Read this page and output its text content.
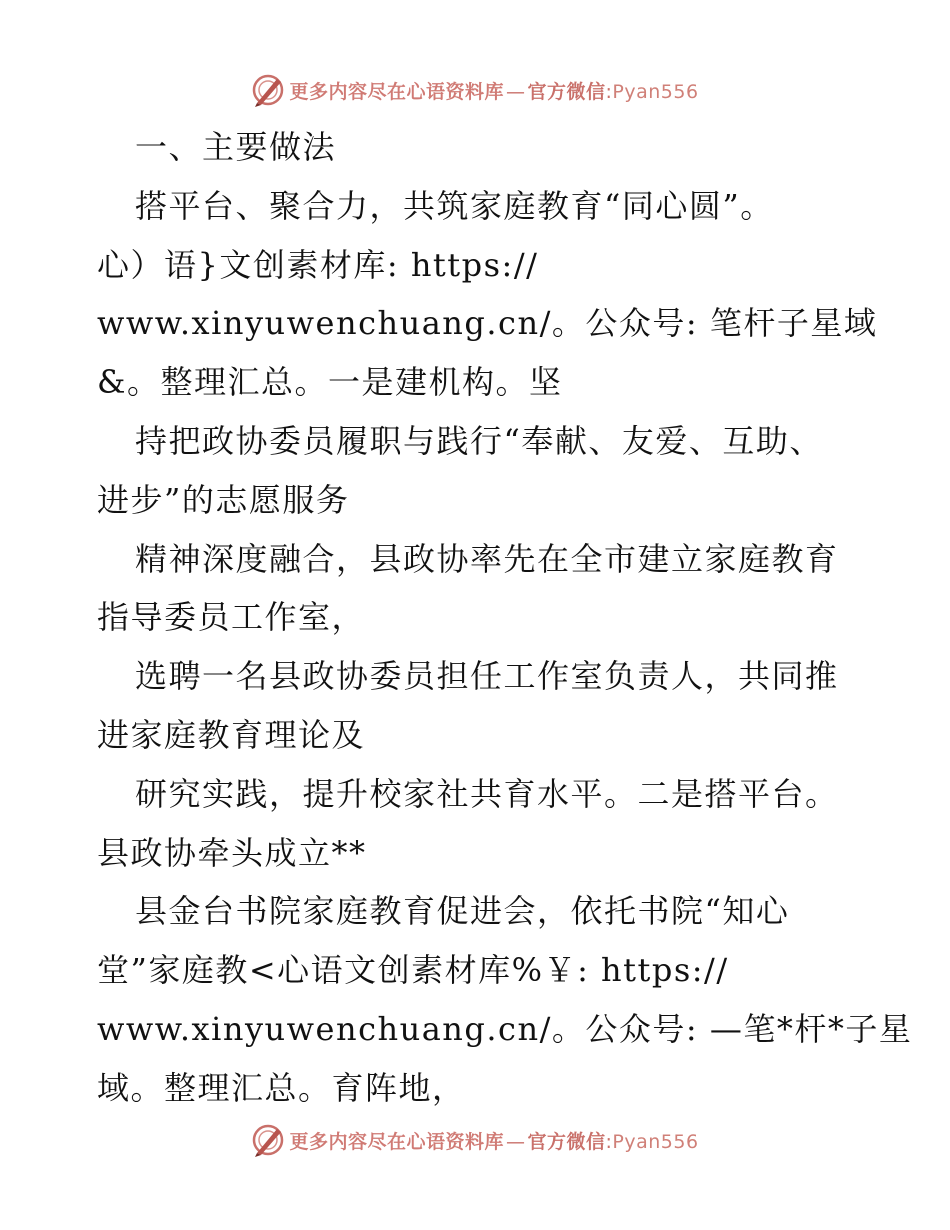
更多内容尽在心语资料库 — 官方微信:Pyan556
一、主要做法
搭平台、聚合力，共筑家庭教育“同心圆”。
心）语}文创素材库: https://
www.xinyuwenchuang.cn/。公众号: 笔杆子星域
&。整理汇总。一是建机构。坚
持把政协委员履职与践行“奉献、友爱、互助、
进步”的志愿服务
精神深度融合，县政协率先在全市建立家庭教育
指导委员工作室，
选聘一名县政协委员担任工作室负责人，共同推
进家庭教育理论及
研究实践，提升校家社共育水平。二是搭平台。
县政协牵头成立**
县金台书院家庭教育促进会，依托书院“知心
堂”家庭教<心语文创素材库%￥: https://
www.xinyuwenchuang.cn/。公众号: —笔*杆*子星
域。整理汇总。育阵地，
更多内容尽在心语资料库 — 官方微信:Pyan556
